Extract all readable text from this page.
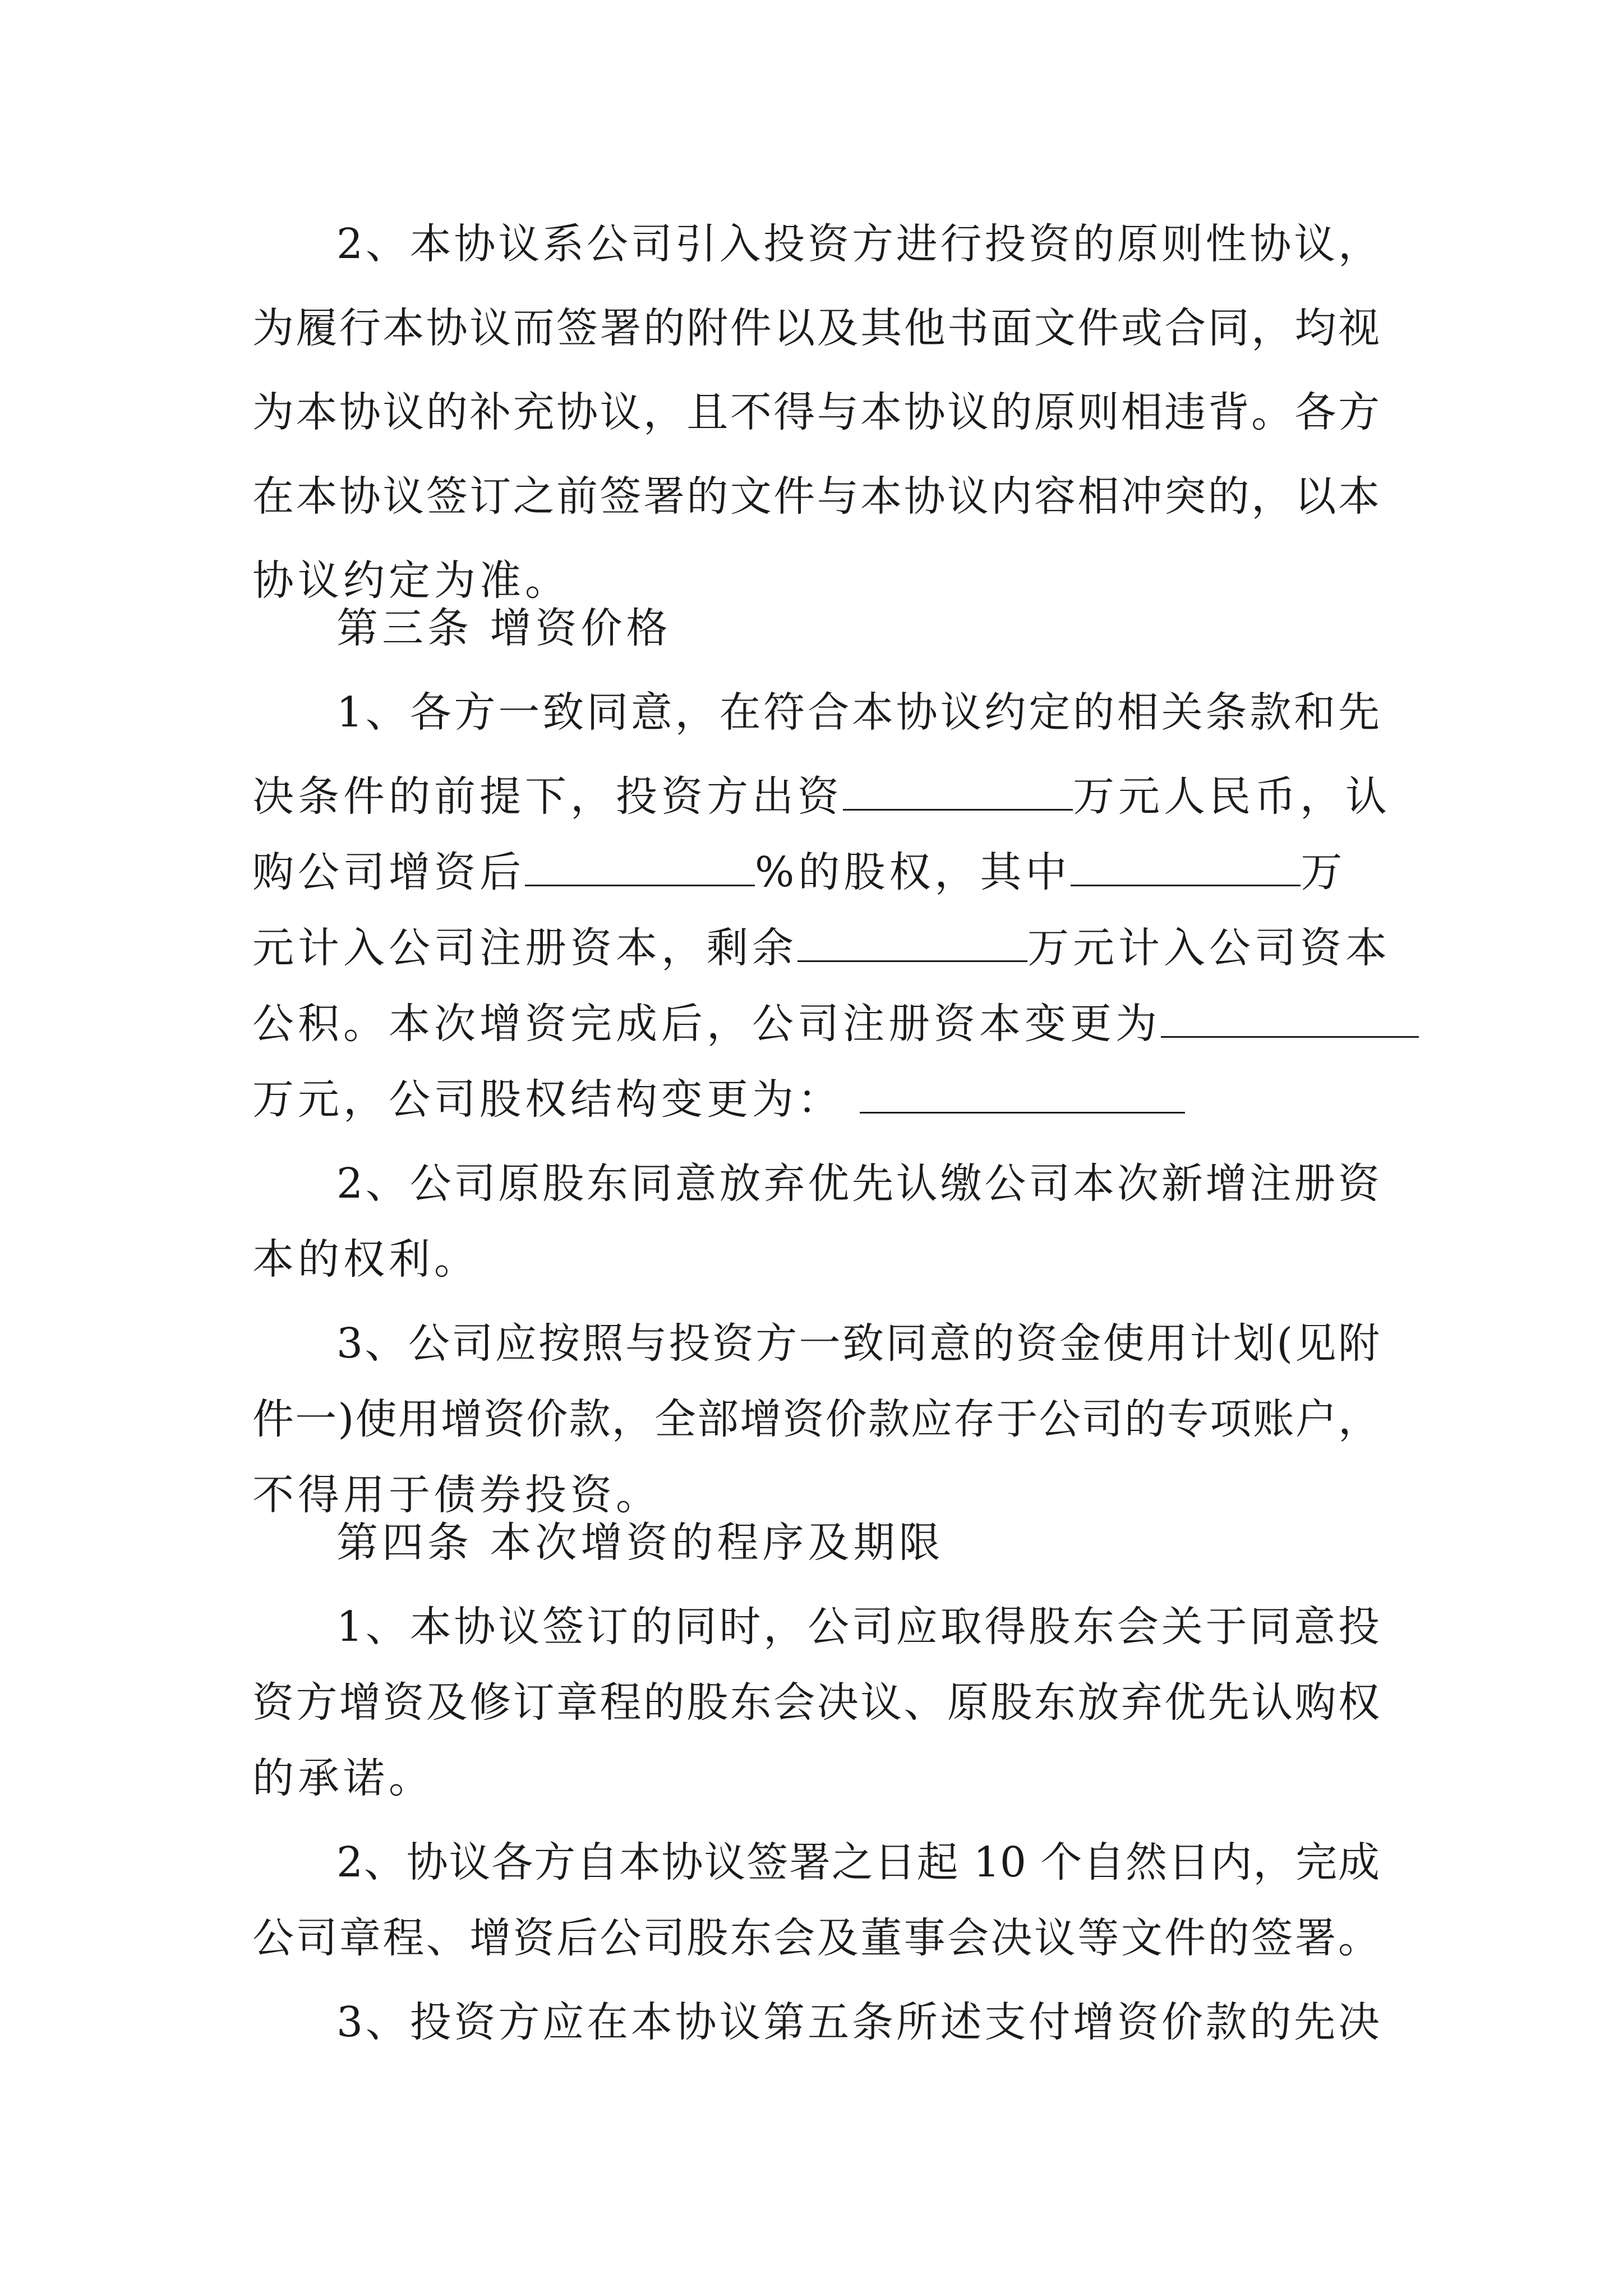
2、本协议系公司引入投资方进行投资的原则性协议，
为履行本协议而签署的附件以及其他书面文件或合同，均视
为本协议的补充协议，且不得与本协议的原则相违背。各方
在本协议签订之前签署的文件与本协议内容相冲突的，以本
协议约定为准。
第三条 增资价格
1、各方一致同意，在符合本协议约定的相关条款和先
决条件的前提下，投资方出资	万元人民币，认
购公司增资后	%的股权，其中	万
元计入公司注册资本，剩余	万元计入公司资本
公积。本次增资完成后，公司注册资本变更为
万元，公司股权结构变更为：
2、公司原股东同意放弃优先认缴公司本次新增注册资
本的权利。
3、公司应按照与投资方一致同意的资金使用计划(见附
件一)使用增资价款，全部增资价款应存于公司的专项账户，
不得用于债券投资。
第四条 本次增资的程序及期限
1、本协议签订的同时，公司应取得股东会关于同意投
资方增资及修订章程的股东会决议、原股东放弃优先认购权
的承诺。
2、协议各方自本协议签署之日起 10 个自然日内，完成
公司章程、增资后公司股东会及董事会决议等文件的签署。
3、投资方应在本协议第五条所述支付增资价款的先决
